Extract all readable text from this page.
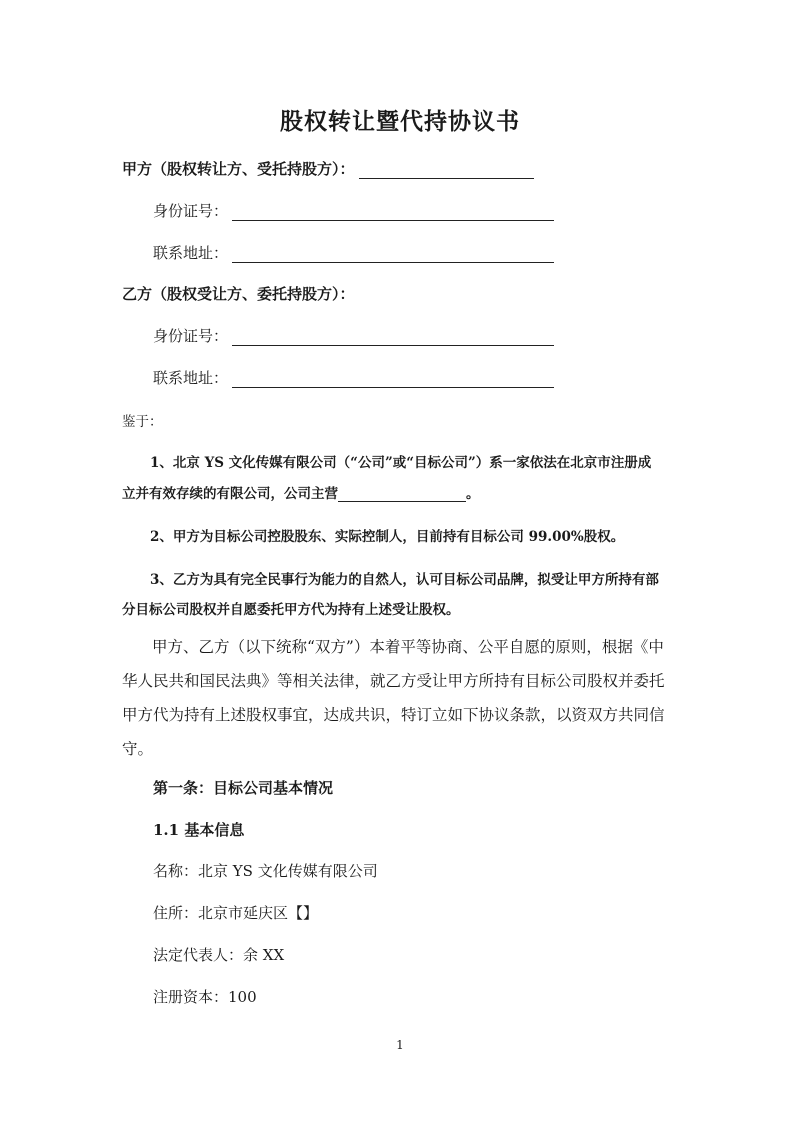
股权转让暨代持协议书
甲方（股权转让方、受托持股方）：
身份证号：
联系地址：
乙方（股权受让方、委托持股方）：
身份证号：
联系地址：
鉴于：
1、北京 YS 文化传媒有限公司（“公司”或“目标公司”）系一家依法在北京市注册成
立并有效存续的有限公司，公司主营	。
2、甲方为目标公司控股股东、实际控制人，目前持有目标公司 99.00%股权。
3、乙方为具有完全民事行为能力的自然人，认可目标公司品牌，拟受让甲方所持有部
分目标公司股权并自愿委托甲方代为持有上述受让股权。
甲方、乙方（以下统称“双方”）本着平等协商、公平自愿的原则，根据《中
华人民共和国民法典》等相关法律，就乙方受让甲方所持有目标公司股权并委托
甲方代为持有上述股权事宜，达成共识，特订立如下协议条款，以资双方共同信
守。
第一条：目标公司基本情况
1.1 基本信息
名称：北京 YS 文化传媒有限公司
住所：北京市延庆区【】
法定代表人：余 XX
注册资本：100
1
